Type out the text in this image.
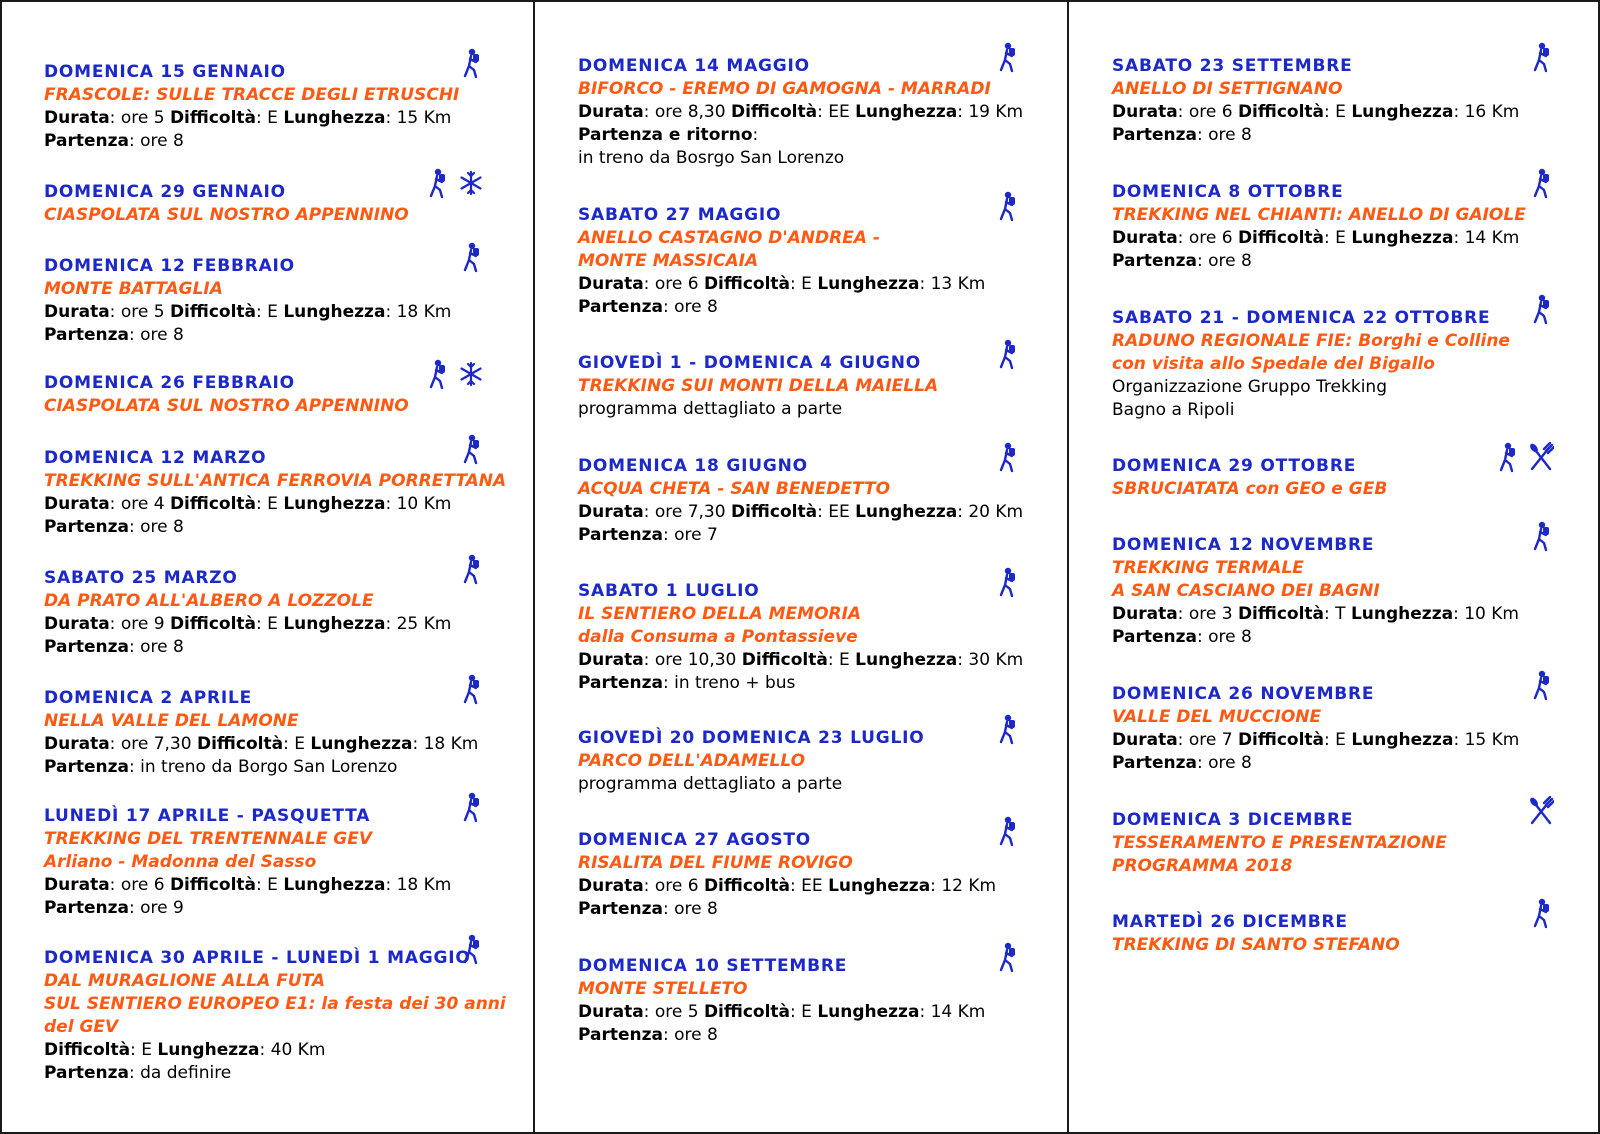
DOMENICA 15 GENNAIO
FRASCOLE: SULLE TRACCE DEGLI ETRUSCHI
Durata: ore 5 Difficoltà: E Lunghezza: 15 Km
Partenza: ore 8
DOMENICA 29 GENNAIO
CIASPOLATA SUL NOSTRO APPENNINO
DOMENICA 12 FEBBRAIO
MONTE BATTAGLIA
Durata: ore 5 Difficoltà: E Lunghezza: 18 Km
Partenza: ore 8
DOMENICA 26 FEBBRAIO
CIASPOLATA SUL NOSTRO APPENNINO
DOMENICA 12 MARZO
TREKKING SULL'ANTICA FERROVIA PORRETTANA
Durata: ore 4 Difficoltà: E Lunghezza: 10 Km
Partenza: ore 8
SABATO 25 MARZO
DA PRATO ALL'ALBERO A LOZZOLE
Durata: ore 9 Difficoltà: E Lunghezza: 25 Km
Partenza: ore 8
DOMENICA 2 APRILE
NELLA VALLE DEL LAMONE
Durata: ore 7,30 Difficoltà: E Lunghezza: 18 Km
Partenza: in treno da Borgo San Lorenzo
LUNEDÌ 17 APRILE - PASQUETTA
TREKKING DEL TRENTENNALE GEV
Arliano - Madonna del Sasso
Durata: ore 6 Difficoltà: E Lunghezza: 18 Km
Partenza: ore 9
DOMENICA 30 APRILE - LUNEDÌ 1 MAGGIO
DAL MURAGLIONE ALLA FUTA
SUL SENTIERO EUROPEO E1: la festa dei 30 anni
del GEV
Difficoltà: E Lunghezza: 40 Km
Partenza: da definire
DOMENICA 14 MAGGIO
BIFORCO - EREMO DI GAMOGNA - MARRADI
Durata: ore 8,30 Difficoltà: EE Lunghezza: 19 Km
Partenza e ritorno:
in treno da Bosrgo San Lorenzo
SABATO 27 MAGGIO
ANELLO CASTAGNO D'ANDREA -
MONTE MASSICAIA
Durata: ore 6 Difficoltà: E Lunghezza: 13 Km
Partenza: ore 8
GIOVEDÌ 1 - DOMENICA 4 GIUGNO
TREKKING SUI MONTI DELLA MAIELLA
programma dettagliato a parte
DOMENICA 18 GIUGNO
ACQUA CHETA - SAN BENEDETTO
Durata: ore 7,30 Difficoltà: EE Lunghezza: 20 Km
Partenza: ore 7
SABATO 1 LUGLIO
IL SENTIERO DELLA MEMORIA
dalla Consuma a Pontassieve
Durata: ore 10,30 Difficoltà: E Lunghezza: 30 Km
Partenza: in treno + bus
GIOVEDÌ 20 DOMENICA 23 LUGLIO
PARCO DELL'ADAMELLO
programma dettagliato a parte
DOMENICA 27 AGOSTO
RISALITA DEL FIUME ROVIGO
Durata: ore 6 Difficoltà: EE Lunghezza: 12 Km
Partenza: ore 8
DOMENICA 10 SETTEMBRE
MONTE STELLETO
Durata: ore 5 Difficoltà: E Lunghezza: 14 Km
Partenza: ore 8
SABATO 23 SETTEMBRE
ANELLO DI SETTIGNANO
Durata: ore 6 Difficoltà: E Lunghezza: 16 Km
Partenza: ore 8
DOMENICA 8 OTTOBRE
TREKKING NEL CHIANTI: ANELLO DI GAIOLE
Durata: ore 6 Difficoltà: E Lunghezza: 14 Km
Partenza: ore 8
SABATO 21 - DOMENICA 22 OTTOBRE
RADUNO REGIONALE FIE: Borghi e Colline
con visita allo Spedale del Bigallo
Organizzazione Gruppo Trekking
Bagno a Ripoli
DOMENICA 29 OTTOBRE
SBRUCIATATA con GEO e GEB
DOMENICA 12 NOVEMBRE
TREKKING TERMALE
A SAN CASCIANO DEI BAGNI
Durata: ore 3 Difficoltà: T Lunghezza: 10 Km
Partenza: ore 8
DOMENICA 26 NOVEMBRE
VALLE DEL MUCCIONE
Durata: ore 7 Difficoltà: E Lunghezza: 15 Km
Partenza: ore 8
DOMENICA 3 DICEMBRE
TESSERAMENTO E PRESENTAZIONE
PROGRAMMA 2018
MARTEDÌ 26 DICEMBRE
TREKKING DI SANTO STEFANO
